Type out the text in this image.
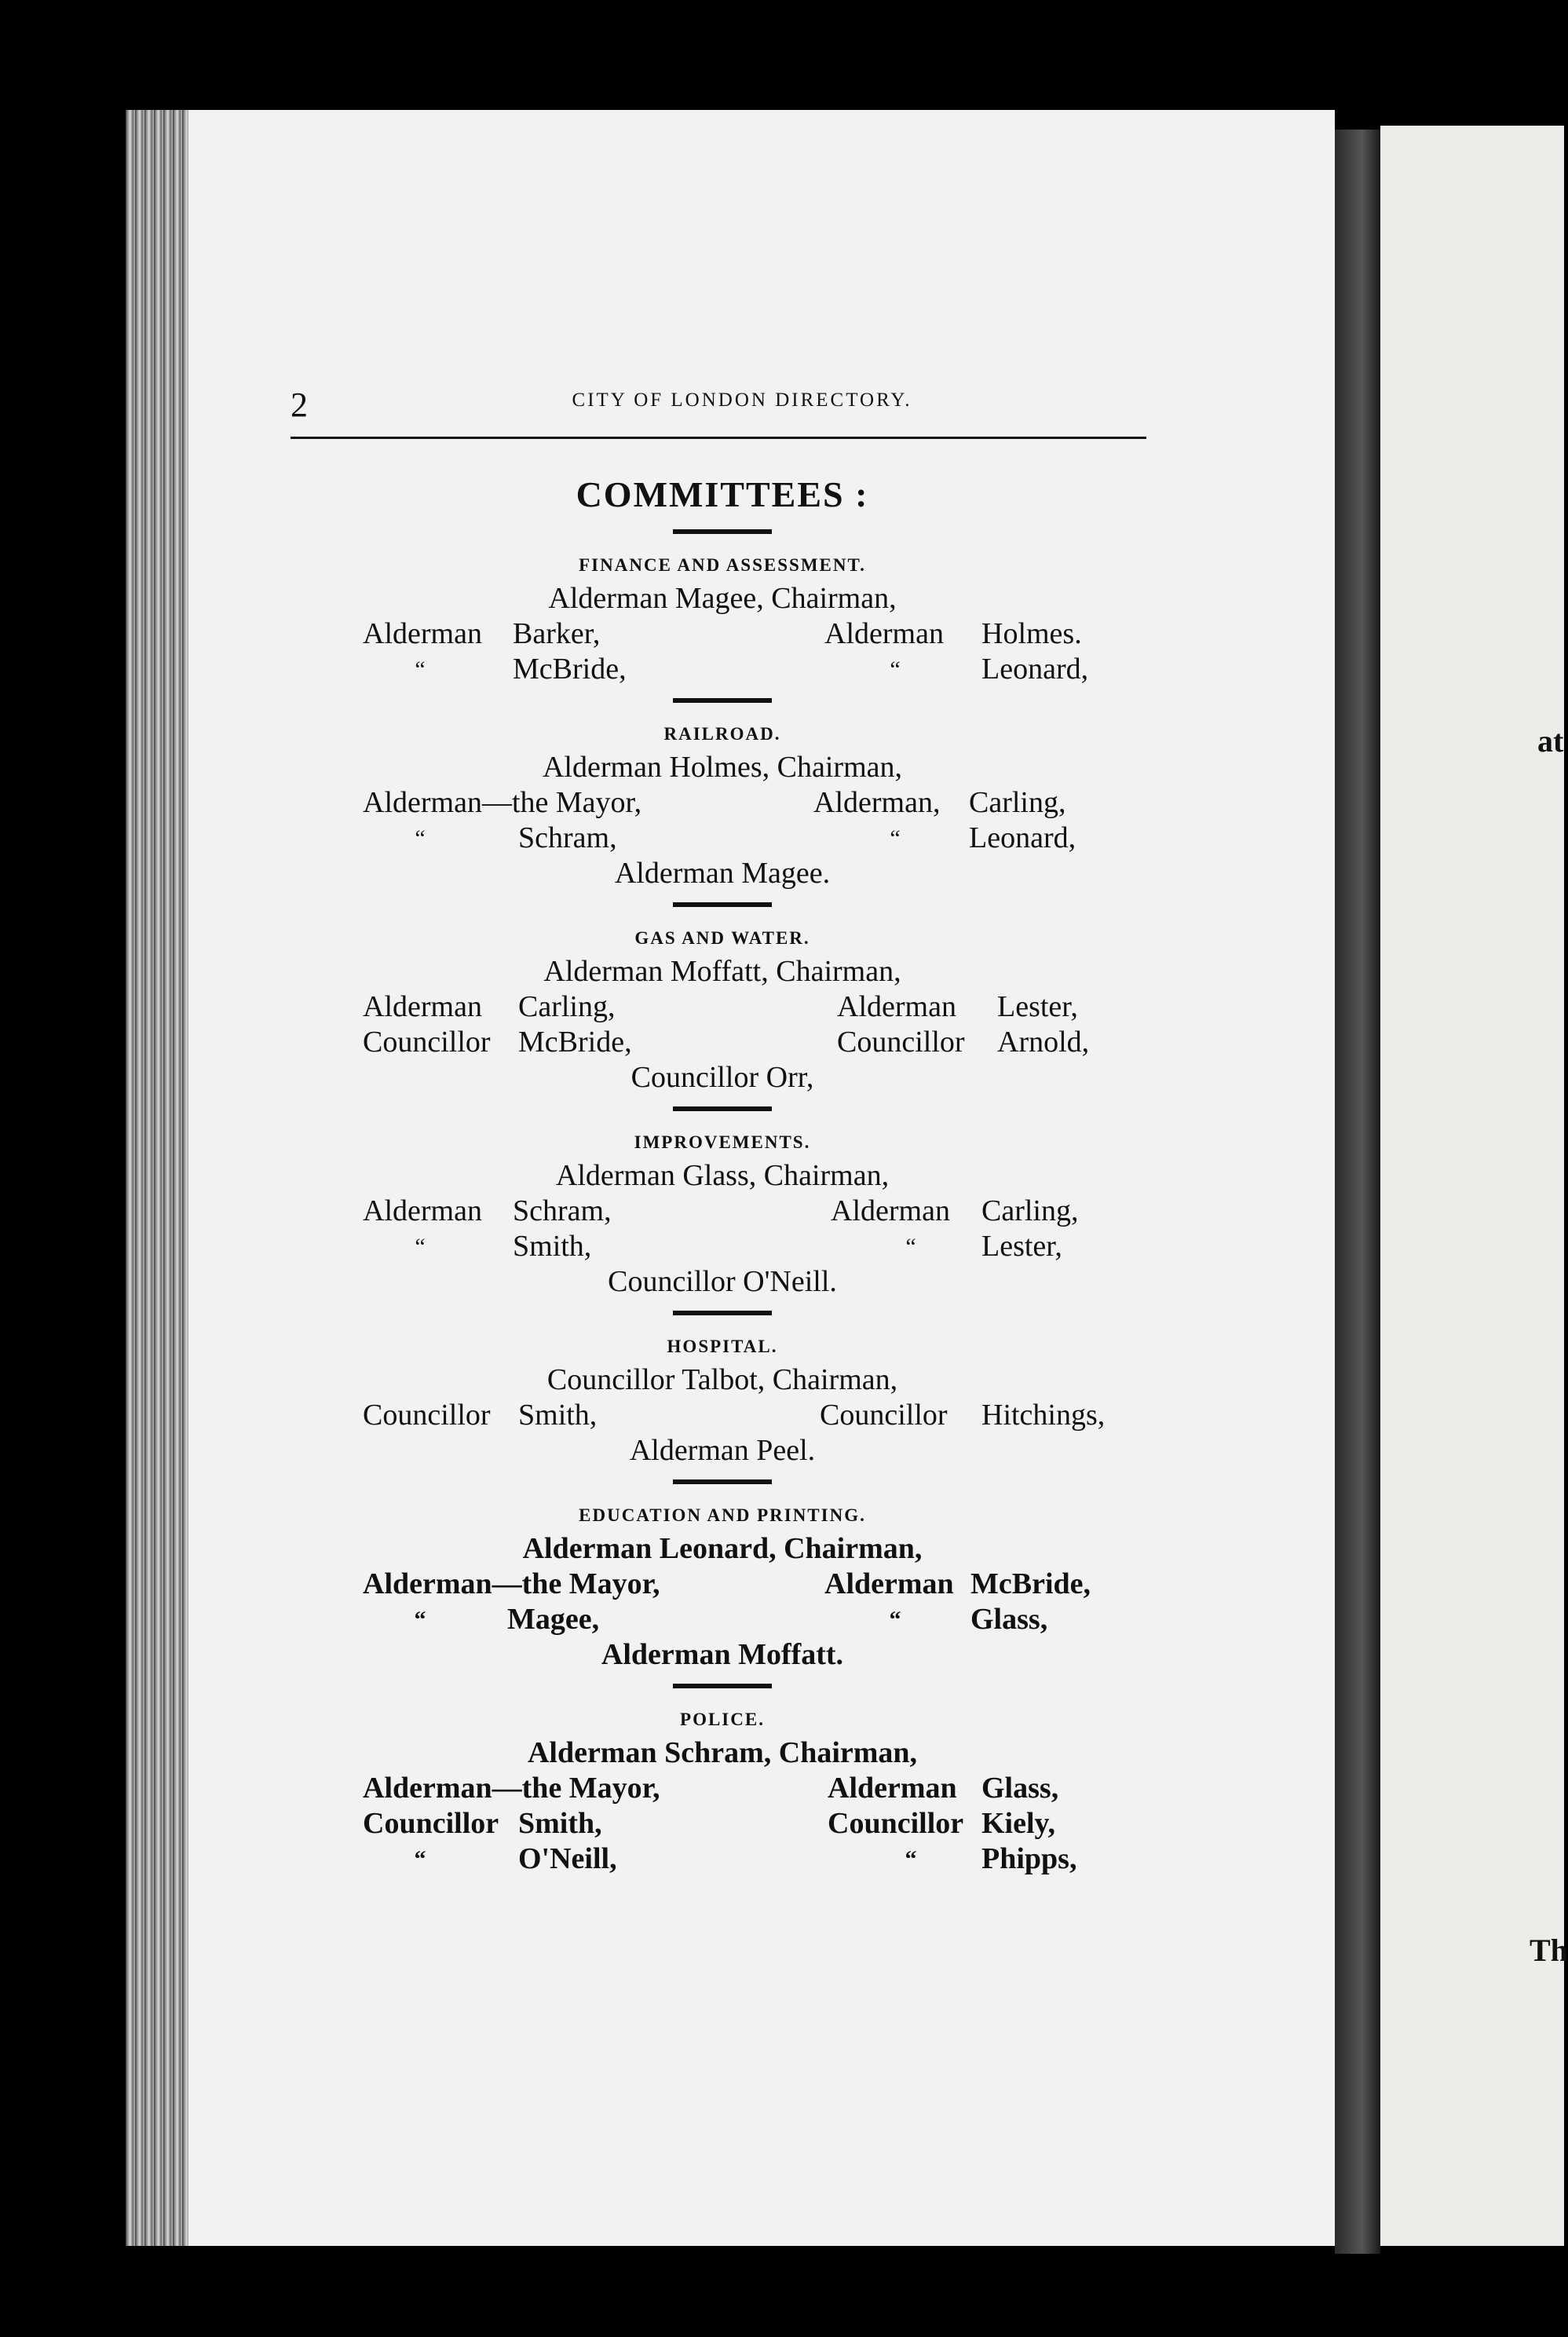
at
Th
2	CITY OF LONDON DIRECTORY.
COMMITTEES :
FINANCE AND ASSESSMENT.
Alderman Magee, Chairman,
Alderman Barker,	Alderman Holmes.
“	McBride,	“	Leonard,
RAILROAD.
Alderman Holmes, Chairman,
Alderman—the Mayor,	Alderman, Carling,
“	Schram,	“	Leonard,
Alderman Magee.
GAS AND WATER.
Alderman Moffatt, Chairman,
Alderman Carling,	Alderman Lester,
Councillor McBride,	Councillor Arnold,
Councillor Orr,
IMPROVEMENTS.
Alderman Glass, Chairman,
Alderman Schram,	Alderman Carling,
“	Smith,	“	Lester,
Councillor O'Neill.
HOSPITAL.
Councillor Talbot, Chairman,
Councillor Smith,	Councillor Hitchings,
Alderman Peel.
EDUCATION AND PRINTING.
Alderman Leonard, Chairman,
Alderman—the Mayor,	Alderman McBride,
“	Magee,	“	Glass,
Alderman Moffatt.
POLICE.
Alderman Schram, Chairman,
Alderman—the Mayor,	Alderman Glass,
Councillor Smith,	Councillor Kiely,
“	O'Neill,	“	Phipps,
